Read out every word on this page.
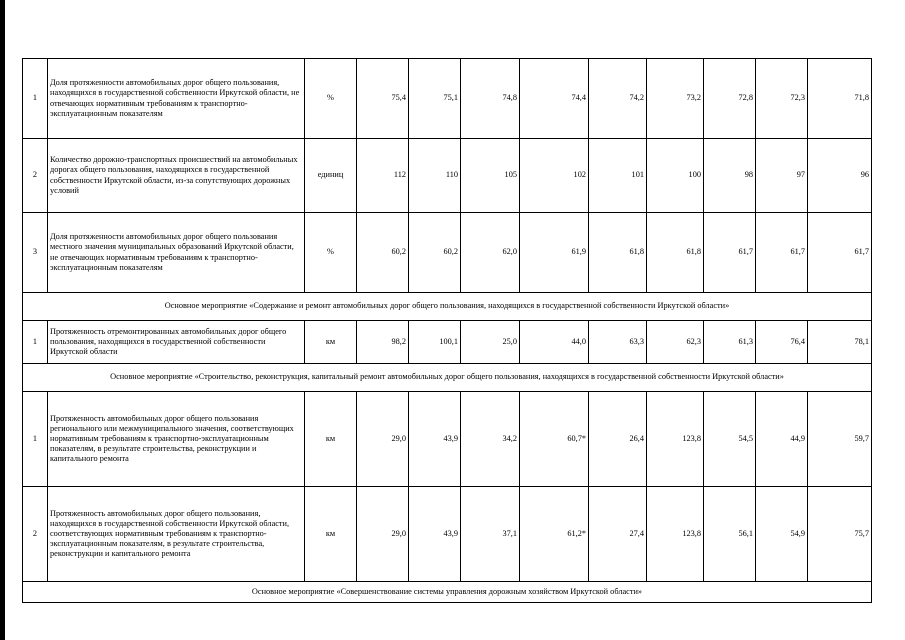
1	Доля протяженности автомобильных дорог общего пользования, находящихся в государственной собственности Иркутской области, не отвечающих нормативным требованиям к транспортно-эксплуатационным показателям	%	75,4	75,1	74,8	74,4	74,2	73,2	72,8	72,3	71,8
2	Количество дорожно-транспортных происшествий на автомобильных дорогах общего пользования, находящихся в государственной собственности Иркутской области, из-за сопутствующих дорожных условий	единиц	112	110	105	102	101	100	98	97	96
3	Доля протяженности автомобильных дорог общего пользования местного значения муниципальных образований Иркутской области, не отвечающих нормативным требованиям к транспортно-эксплуатационным показателям	%	60,2	60,2	62,0	61,9	61,8	61,8	61,7	61,7	61,7
Основное мероприятие «Содержание и ремонт автомобильных дорог общего пользования, находящихся в государственной собственности Иркутской области»											
1	Протяженность отремонтированных автомобильных дорог общего пользования, находящихся в государственной собственности Иркутской области	км	98,2	100,1	25,0	44,0	63,3	62,3	61,3	76,4	78,1
Основное мероприятие «Строительство, реконструкция, капитальный ремонт автомобильных дорог общего пользования, находящихся в государственной собственности Иркутской области»											
1	Протяженность автомобильных дорог общего пользования регионального или межмуниципального значения, соответствующих нормативным требованиям к транспортно-эксплуатационным показателям, в результате строительства, реконструкции и капитального ремонта	км	29,0	43,9	34,2	60,7*	26,4	123,8	54,5	44,9	59,7
2	Протяженность автомобильных дорог общего пользования, находящихся в государственной собственности Иркутской области, соответствующих нормативным требованиям к транспортно-эксплуатационным показателям, в результате строительства, реконструкции и капитального ремонта	км	29,0	43,9	37,1	61,2*	27,4	123,8	56,1	54,9	75,7
Основное мероприятие «Совершенствование системы управления дорожным хозяйством Иркутской области»											
